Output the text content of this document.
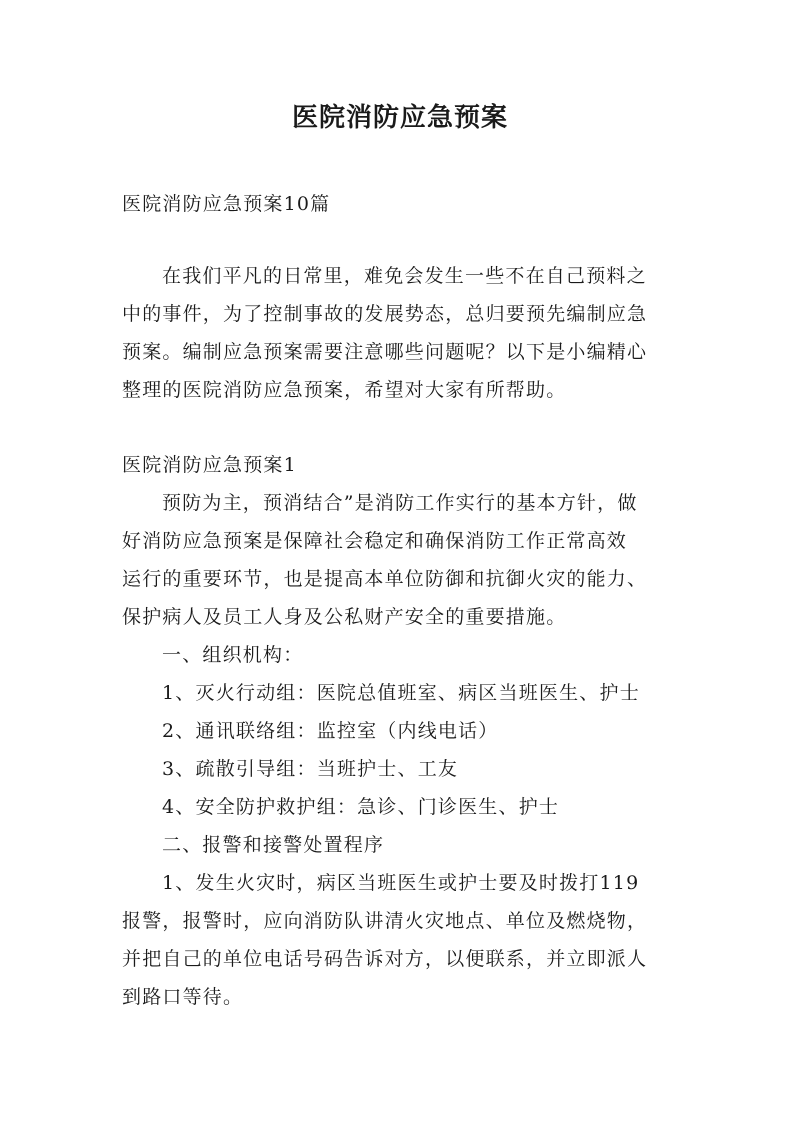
医院消防应急预案
医院消防应急预案10篇
在我们平凡的日常里，难免会发生一些不在自己预料之
中的事件，为了控制事故的发展势态，总归要预先编制应急
预案。编制应急预案需要注意哪些问题呢？以下是小编精心
整理的医院消防应急预案，希望对大家有所帮助。
医院消防应急预案1
预防为主，预消结合”是消防工作实行的基本方针，做
好消防应急预案是保障社会稳定和确保消防工作正常高效
运行的重要环节，也是提高本单位防御和抗御火灾的能力、
保护病人及员工人身及公私财产安全的重要措施。
一、组织机构：
1、灭火行动组：医院总值班室、病区当班医生、护士
2、通讯联络组：监控室（内线电话）
3、疏散引导组：当班护士、工友
4、安全防护救护组：急诊、门诊医生、护士
二、报警和接警处置程序
1、发生火灾时，病区当班医生或护士要及时拨打119
报警，报警时，应向消防队讲清火灾地点、单位及燃烧物，
并把自己的单位电话号码告诉对方，以便联系，并立即派人
到路口等待。
